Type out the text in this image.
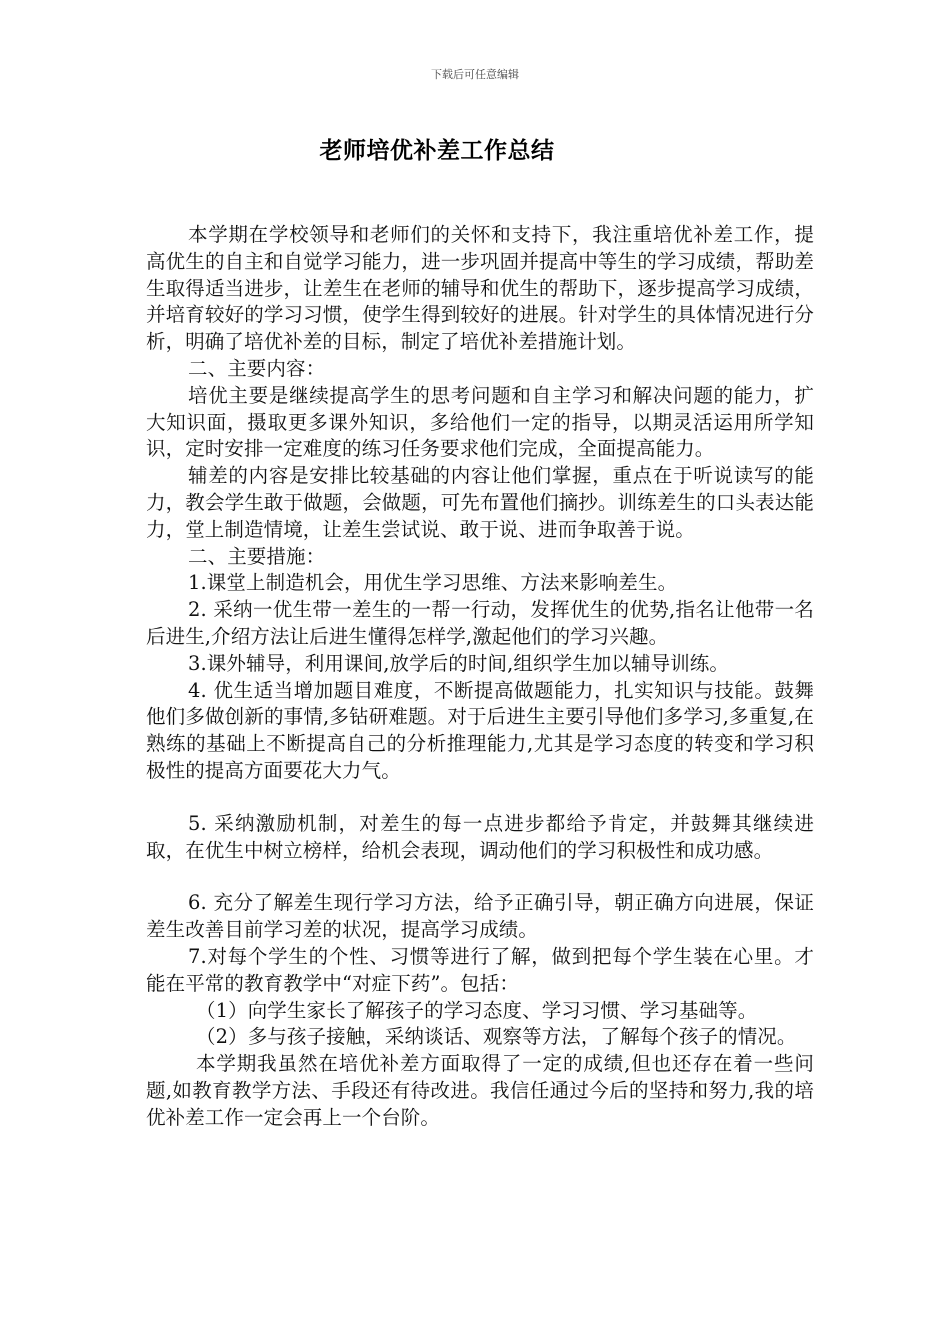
下载后可任意编辑
老师培优补差工作总结

本学期在学校领导和老师们的关怀和支持下，我注重培优补差工作，提高优生的自主和自觉学习能力，进一步巩固并提高中等生的学习成绩，帮助差生取得适当进步，让差生在老师的辅导和优生的帮助下，逐步提高学习成绩，并培育较好的学习习惯，使学生得到较好的进展。针对学生的具体情况进行分析，明确了培优补差的目标，制定了培优补差措施计划。

二、主要内容：

培优主要是继续提高学生的思考问题和自主学习和解决问题的能力，扩大知识面，摄取更多课外知识，多给他们一定的指导，以期灵活运用所学知识，定时安排一定难度的练习任务要求他们完成，全面提高能力。

辅差的内容是安排比较基础的内容让他们掌握，重点在于听说读写的能力，教会学生敢于做题，会做题，可先布置他们摘抄。训练差生的口头表达能力，堂上制造情境，让差生尝试说、敢于说、进而争取善于说。

二、主要措施：

1.课堂上制造机会，用优生学习思维、方法来影响差生。

2. 采纳一优生带一差生的一帮一行动，发挥优生的优势,指名让他带一名后进生,介绍方法让后进生懂得怎样学,激起他们的学习兴趣。

3.课外辅导，利用课间,放学后的时间,组织学生加以辅导训练。

4. 优生适当增加题目难度，不断提高做题能力，扎实知识与技能。鼓舞他们多做创新的事情,多钻研难题。对于后进生主要引导他们多学习,多重复,在熟练的基础上不断提高自己的分析推理能力,尤其是学习态度的转变和学习积极性的提高方面要花大力气。

5. 采纳激励机制，对差生的每一点进步都给予肯定，并鼓舞其继续进取，在优生中树立榜样，给机会表现，调动他们的学习积极性和成功感。

6. 充分了解差生现行学习方法，给予正确引导，朝正确方向进展，保证差生改善目前学习差的状况，提高学习成绩。

7.对每个学生的个性、习惯等进行了解，做到把每个学生装在心里。才能在平常的教育教学中“对症下药”。包括：

（1）向学生家长了解孩子的学习态度、学习习惯、学习基础等。

（2）多与孩子接触，采纳谈话、观察等方法，了解每个孩子的情况。

本学期我虽然在培优补差方面取得了一定的成绩,但也还存在着一些问题,如教育教学方法、手段还有待改进。我信任通过今后的坚持和努力,我的培优补差工作一定会再上一个台阶。
